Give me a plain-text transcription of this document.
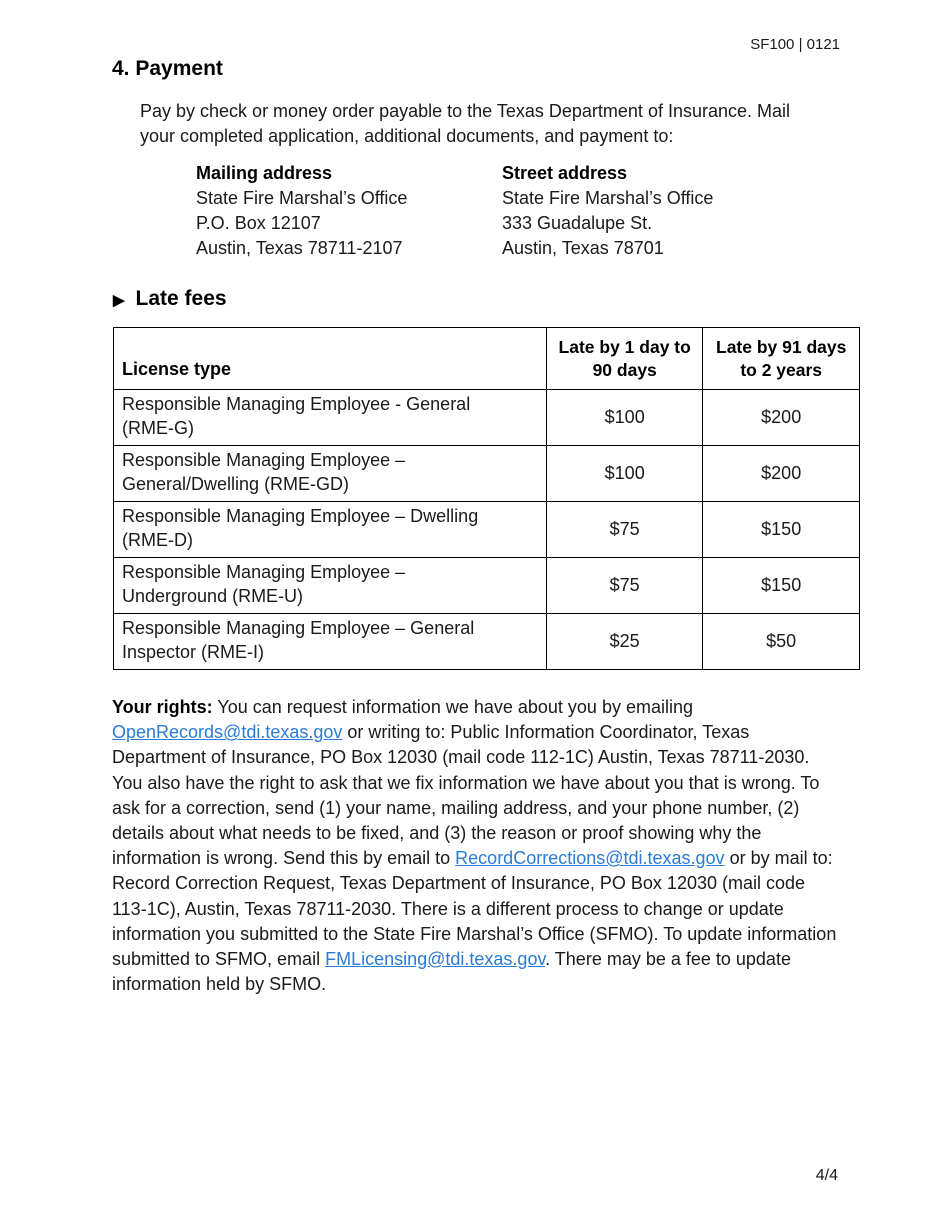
SF100 | 0121
4. Payment
Pay by check or money order payable to the Texas Department of Insurance. Mail your completed application, additional documents, and payment to:
Mailing address
State Fire Marshal’s Office
P.O. Box 12107
Austin, Texas 78711-2107
Street address
State Fire Marshal’s Office
333 Guadalupe St.
Austin, Texas 78701
▶ Late fees
License type	Late by 1 day to 90 days	Late by 91 days to 2 years
Responsible Managing Employee - General (RME-G)	$100	$200
Responsible Managing Employee – General/Dwelling (RME-GD)	$100	$200
Responsible Managing Employee – Dwelling (RME-D)	$75	$150
Responsible Managing Employee – Underground (RME-U)	$75	$150
Responsible Managing Employee – General Inspector (RME-I)	$25	$50
Your rights: You can request information we have about you by emailing OpenRecords@tdi.texas.gov or writing to: Public Information Coordinator, Texas Department of Insurance, PO Box 12030 (mail code 112-1C) Austin, Texas 78711-2030. You also have the right to ask that we fix information we have about you that is wrong. To ask for a correction, send (1) your name, mailing address, and your phone number, (2) details about what needs to be fixed, and (3) the reason or proof showing why the information is wrong. Send this by email to RecordCorrections@tdi.texas.gov or by mail to: Record Correction Request, Texas Department of Insurance, PO Box 12030 (mail code 113-1C), Austin, Texas 78711-2030. There is a different process to change or update information you submitted to the State Fire Marshal’s Office (SFMO). To update information submitted to SFMO, email FMLicensing@tdi.texas.gov. There may be a fee to update information held by SFMO.
4/4
